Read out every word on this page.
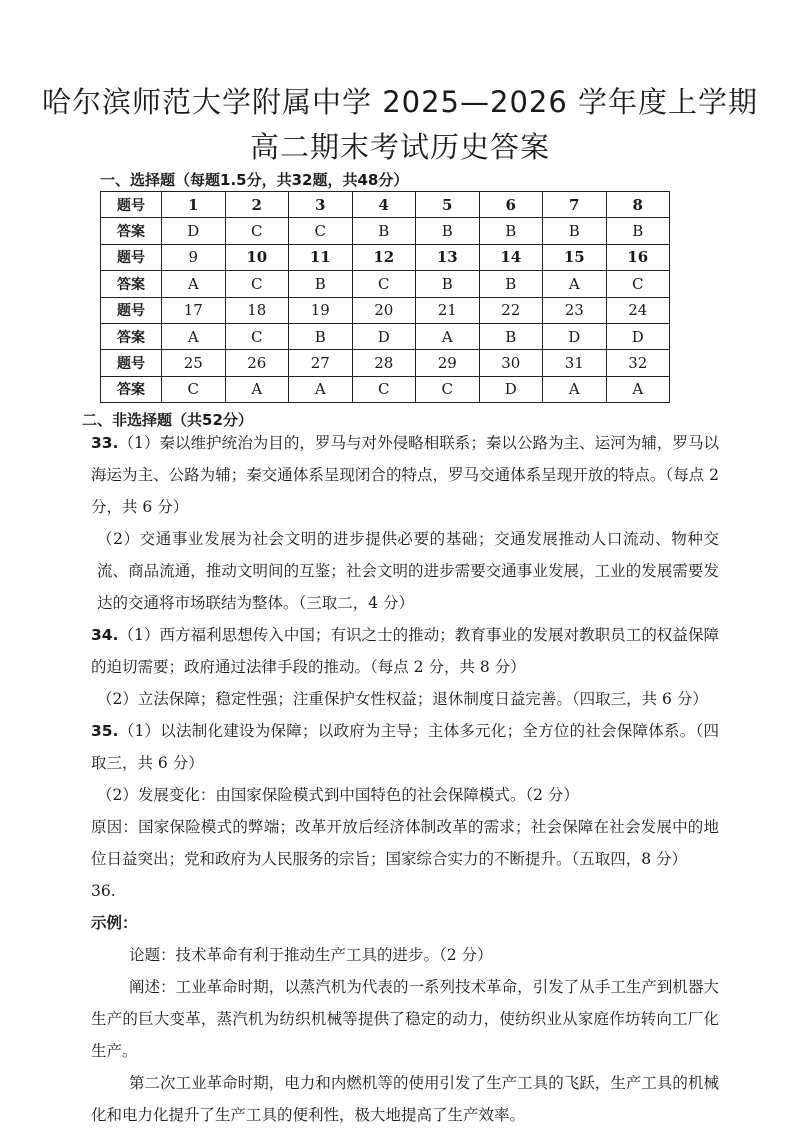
哈尔滨师范大学附属中学 2025—2026 学年度上学期
高二期末考试历史答案
一、选择题（每题1.5分，共32题，共48分）
题号	1	2	3	4	5	6	7	8
答案	D	C	C	B	B	B	B	B
题号	9	10	11	12	13	14	15	16
答案	A	C	B	C	B	B	A	C
题号	17	18	19	20	21	22	23	24
答案	A	C	B	D	A	B	D	D
题号	25	26	27	28	29	30	31	32
答案	C	A	A	C	C	D	A	A
二、非选择题（共52分）

33.（1）秦以维护统治为目的，罗马与对外侵略相联系；秦以公路为主、运河为辅，罗马以海运为主、公路为辅；秦交通体系呈现闭合的特点，罗马交通体系呈现开放的特点。（每点 2 分，共 6 分）

（2）交通事业发展为社会文明的进步提供必要的基础；交通发展推动人口流动、物种交流、商品流通，推动文明间的互鉴；社会文明的进步需要交通事业发展，工业的发展需要发达的交通将市场联结为整体。（三取二，4 分）

34.（1）西方福利思想传入中国；有识之士的推动；教育事业的发展对教职员工的权益保障的迫切需要；政府通过法律手段的推动。（每点 2 分，共 8 分）

（2）立法保障；稳定性强；注重保护女性权益；退休制度日益完善。（四取三，共 6 分）

35.（1）以法制化建设为保障；以政府为主导；主体多元化；全方位的社会保障体系。（四取三，共 6 分）

（2）发展变化：由国家保险模式到中国特色的社会保障模式。（2 分）

原因：国家保险模式的弊端；改革开放后经济体制改革的需求；社会保障在社会发展中的地位日益突出；党和政府为人民服务的宗旨；国家综合实力的不断提升。（五取四，8 分）

36.

示例：

论题：技术革命有利于推动生产工具的进步。（2 分）

阐述：工业革命时期，以蒸汽机为代表的一系列技术革命，引发了从手工生产到机器大生产的巨大变革，蒸汽机为纺织机械等提供了稳定的动力，使纺织业从家庭作坊转向工厂化生产。

第二次工业革命时期，电力和内燃机等的使用引发了生产工具的飞跃，生产工具的机械化和电力化提升了生产工具的便利性，极大地提高了生产效率。
